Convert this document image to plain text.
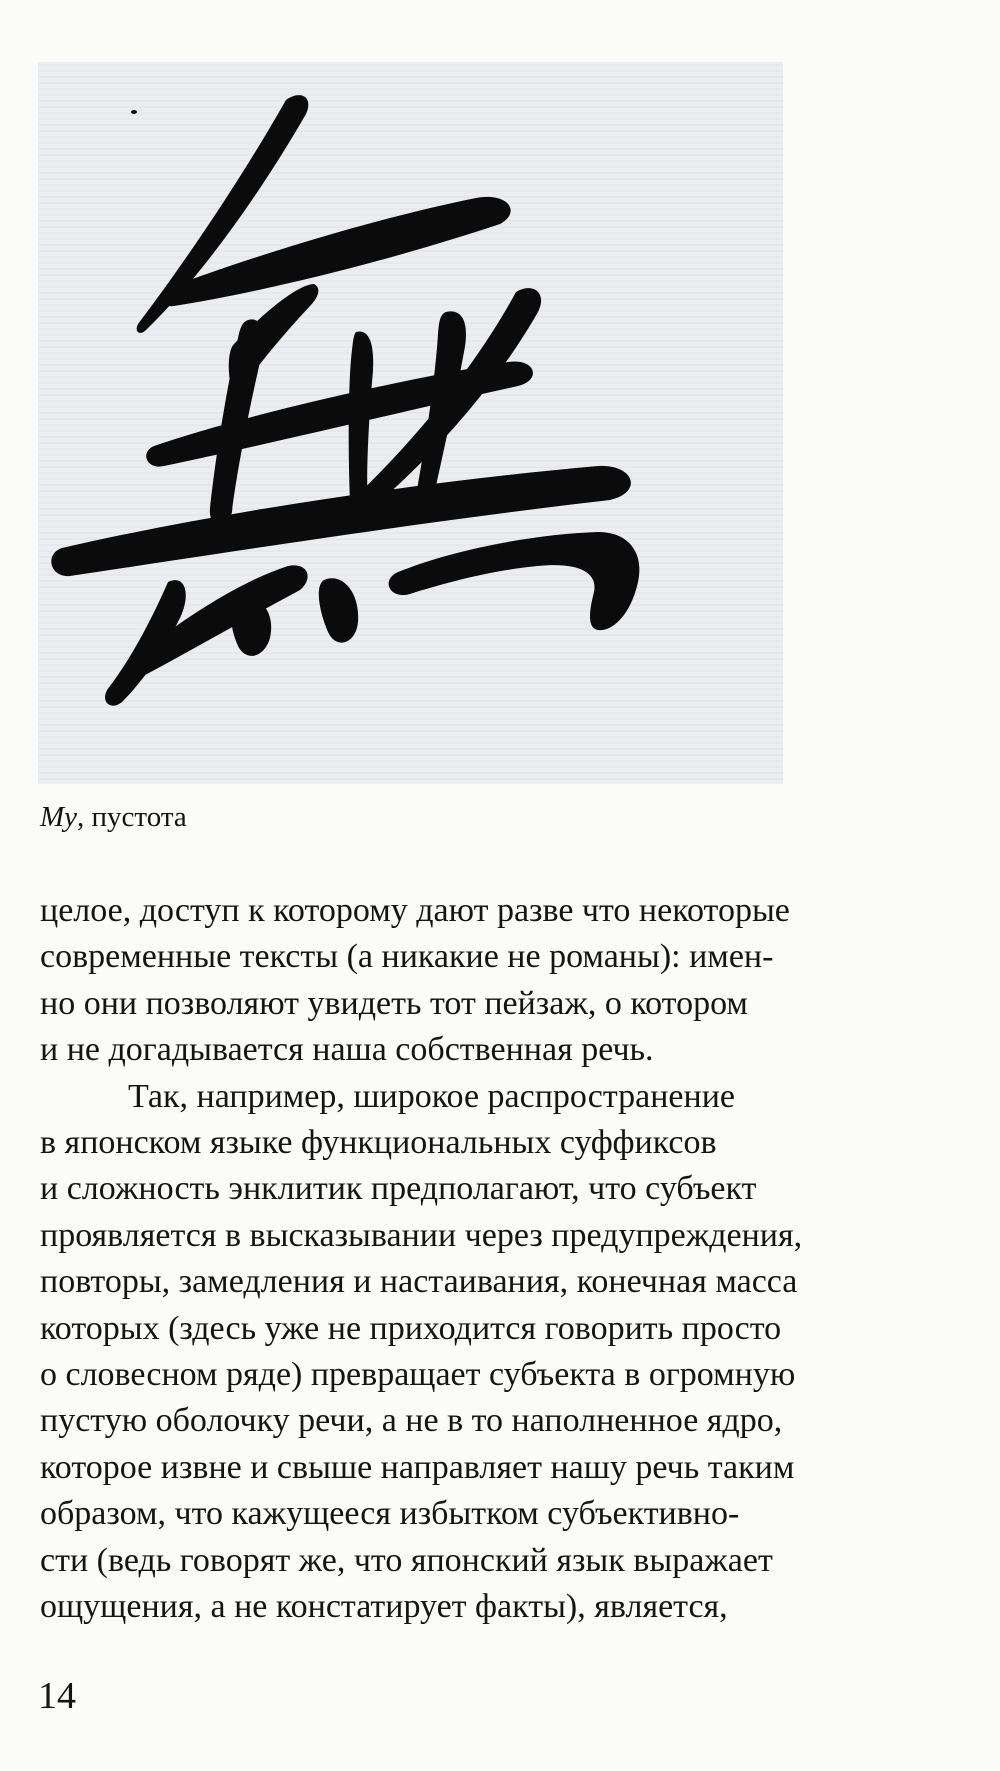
Му, пустота

целое, доступ к которому дают разве что некоторые
современные тексты (а никакие не романы): имен-
но они позволяют увидеть тот пейзаж, о котором
и не догадывается наша собственная речь.
Так, например, широкое распространение
в японском языке функциональных суффиксов
и сложность энклитик предполагают, что субъект
проявляется в высказывании через предупреждения,
повторы, замедления и настаивания, конечная масса
которых (здесь уже не приходится говорить просто
о словесном ряде) превращает субъекта в огромную
пустую оболочку речи, а не в то наполненное ядро,
которое извне и свыше направляет нашу речь таким
образом, что кажущееся избытком субъективно-
сти (ведь говорят же, что японский язык выражает
ощущения, а не констатирует факты), является,

14
